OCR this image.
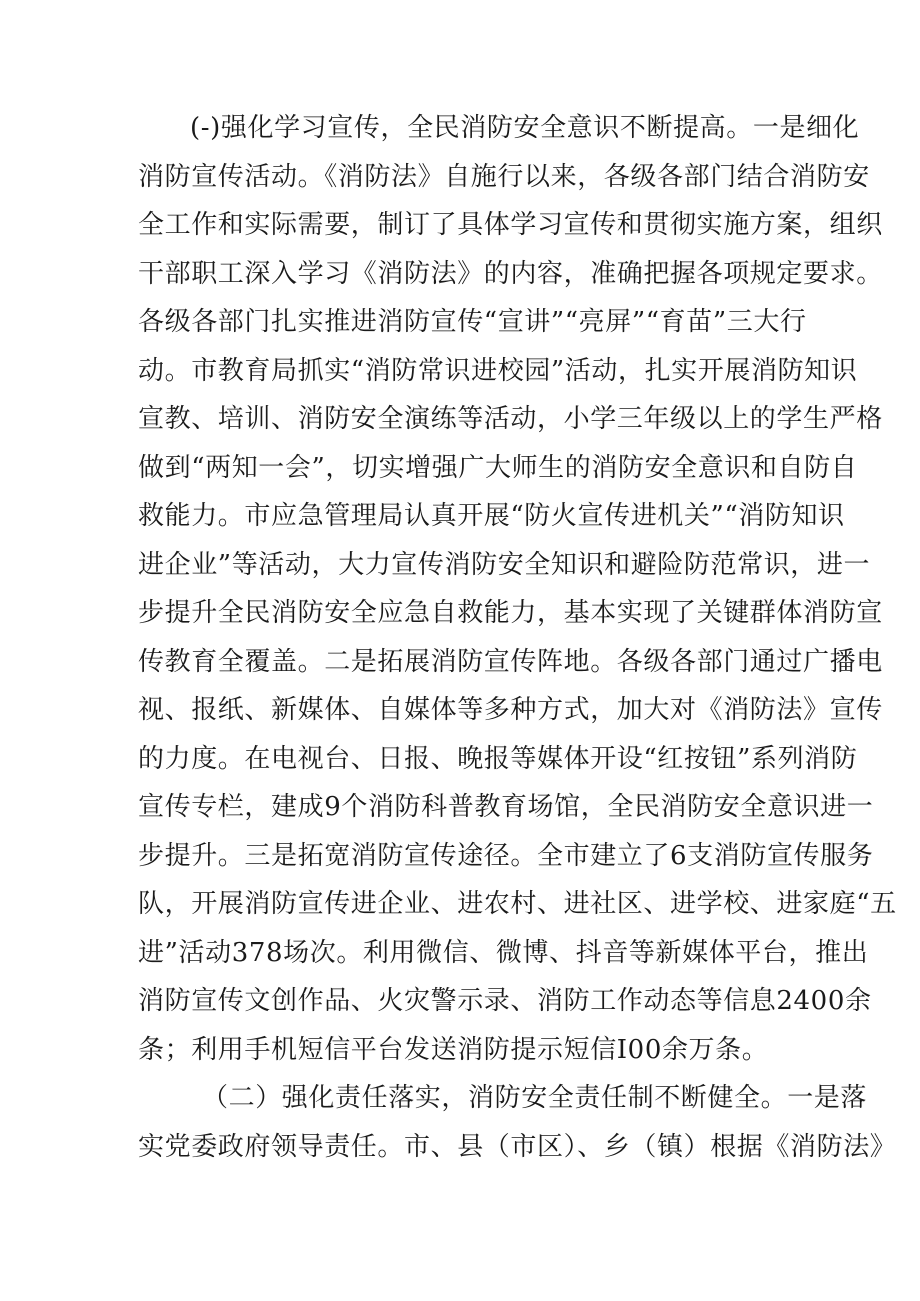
(-)强化学习宣传，全民消防安全意识不断提高。一是细化
消防宣传活动。《消防法》自施行以来，各级各部门结合消防安
全工作和实际需要，制订了具体学习宣传和贯彻实施方案，组织
干部职工深入学习《消防法》的内容，准确把握各项规定要求。
各级各部门扎实推进消防宣传“宣讲”“亮屏”“育苗”三大行
动。市教育局抓实“消防常识进校园”活动，扎实开展消防知识
宣教、培训、消防安全演练等活动，小学三年级以上的学生严格
做到“两知一会”，切实增强广大师生的消防安全意识和自防自
救能力。市应急管理局认真开展“防火宣传进机关”“消防知识
进企业”等活动，大力宣传消防安全知识和避险防范常识，进一
步提升全民消防安全应急自救能力，基本实现了关键群体消防宣
传教育全覆盖。二是拓展消防宣传阵地。各级各部门通过广播电
视、报纸、新媒体、自媒体等多种方式，加大对《消防法》宣传
的力度。在电视台、日报、晚报等媒体开设“红按钮”系列消防
宣传专栏，建成9个消防科普教育场馆，全民消防安全意识进一
步提升。三是拓宽消防宣传途径。全市建立了6支消防宣传服务
队，开展消防宣传进企业、进农村、进社区、进学校、进家庭“五
进”活动378场次。利用微信、微博、抖音等新媒体平台，推出
消防宣传文创作品、火灾警示录、消防工作动态等信息2400余
条；利用手机短信平台发送消防提示短信I00余万条。
（二）强化责任落实，消防安全责任制不断健全。一是落
实党委政府领导责任。市、县（市区）、乡（镇）根据《消防法》
